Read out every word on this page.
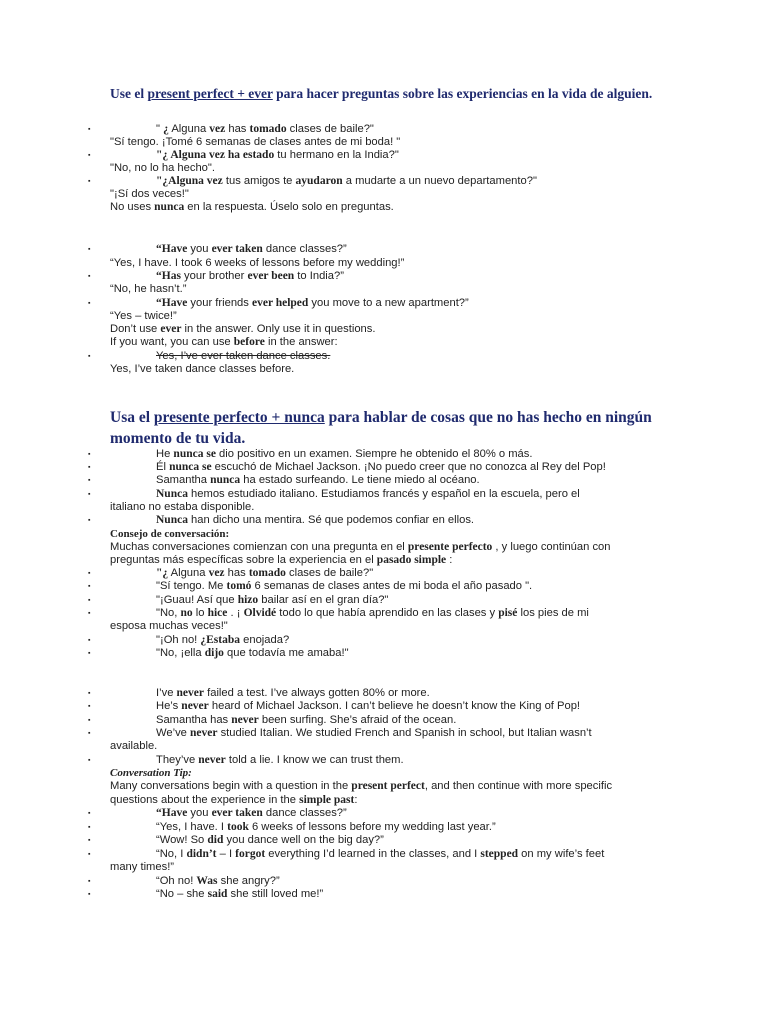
Use el present perfect + ever para hacer preguntas sobre las experiencias en la vida de alguien.
▪	" ¿ Alguna vez has tomado clases de baile?"
"Sí tengo. ¡Tomé 6 semanas de clases antes de mi boda! "
▪	"¿ Alguna vez ha estado tu hermano en la India?"
"No, no lo ha hecho".
▪	"¿Alguna vez tus amigos te ayudaron a mudarte a un nuevo departamento?"
"¡Sí dos veces!"
No uses nunca en la respuesta. Úselo solo en preguntas.
▪	“Have you ever taken dance classes?”
“Yes, I have. I took 6 weeks of lessons before my wedding!”
▪	“Has your brother ever been to India?”
“No, he hasn’t.”
▪	“Have your friends ever helped you move to a new apartment?”
“Yes – twice!”
Don’t use ever in the answer. Only use it in questions.
If you want, you can use before in the answer:
▪	Yes, I’ve ever taken dance classes.
Yes, I’ve taken dance classes before.
Usa el presente perfecto + nunca para hablar de cosas que no has hecho en ningún momento de tu vida.
▪	He nunca se dio positivo en un examen. Siempre he obtenido el 80% o más.
▪	Él nunca se escuchó de Michael Jackson. ¡No puedo creer que no conozca al Rey del Pop!
▪	Samantha nunca ha estado surfeando. Le tiene miedo al océano.
▪	Nunca hemos estudiado italiano. Estudiamos francés y español en la escuela, pero el
italiano no estaba disponible.
▪	Nunca han dicho una mentira. Sé que podemos confiar en ellos.
Consejo de conversación:
Muchas conversaciones comienzan con una pregunta en el presente perfecto , y luego continúan con
preguntas más específicas sobre la experiencia en el pasado simple :
▪	"¿ Alguna vez has tomado clases de baile?"
▪	"Sí tengo. Me tomó 6 semanas de clases antes de mi boda el año pasado ".
▪	"¡Guau! Así que hizo bailar así en el gran día?"
▪	"No, no lo hice . ¡ Olvidé todo lo que había aprendido en las clases y pisé los pies de mi
esposa muchas veces!"
▪	"¡Oh no! ¿Estaba enojada?
▪	"No, ¡ella dijo que todavía me amaba!"
▪	I’ve never failed a test. I’ve always gotten 80% or more.
▪	He’s never heard of Michael Jackson. I can’t believe he doesn’t know the King of Pop!
▪	Samantha has never been surfing. She’s afraid of the ocean.
▪	We’ve never studied Italian. We studied French and Spanish in school, but Italian wasn’t
available.
▪	They’ve never told a lie. I know we can trust them.
Conversation Tip:
Many conversations begin with a question in the present perfect, and then continue with more specific
questions about the experience in the simple past:
▪	“Have you ever taken dance classes?”
▪	“Yes, I have. I took 6 weeks of lessons before my wedding last year.”
▪	“Wow! So did you dance well on the big day?”
▪	“No, I didn’t – I forgot everything I’d learned in the classes, and I stepped on my wife’s feet
many times!”
▪	“Oh no! Was she angry?”
▪	“No – she said she still loved me!”
